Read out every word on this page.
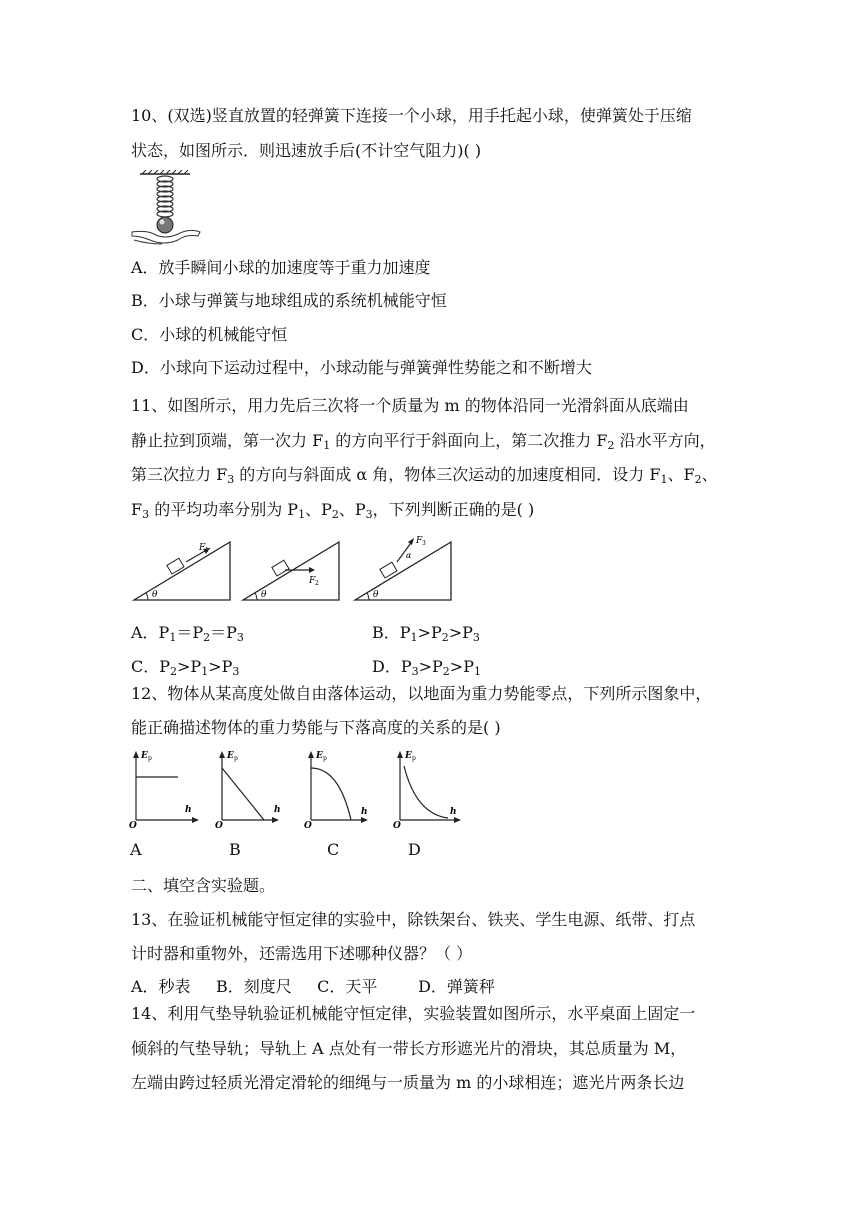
10、(双选)竖直放置的轻弹簧下连接一个小球，用手托起小球，使弹簧处于压缩
状态，如图所示．则迅速放手后(不计空气阻力)( )
A．放手瞬间小球的加速度等于重力加速度
B．小球与弹簧与地球组成的系统机械能守恒
C．小球的机械能守恒
D．小球向下运动过程中，小球动能与弹簧弹性势能之和不断增大
11、如图所示，用力先后三次将一个质量为 m 的物体沿同一光滑斜面从底端由
静止拉到顶端，第一次力 $F_1$ 的方向平行于斜面向上，第二次推力 $F_2$ 沿水平方向，
第三次拉力 $F_3$ 的方向与斜面成 α 角，物体三次运动的加速度相同．设力 $F_1$、$F_2$、
$F_3$ 的平均功率分别为 $P_1$、$P_2$、$P_3$，下列判断正确的是( )
F 1
θ
F 2
θ
F 3
α
θ
A．$P_1=P_2=P_3$	B．$P_1>P_2>P_3$
C．$P_2>P_1>P_3$	D．$P_3>P_2>P_1$
12、物体从某高度处做自由落体运动，以地面为重力势能零点，下列所示图象中，
能正确描述物体的重力势能与下落高度的关系的是( )
E p
h
O
E p
h
O
E p
h
O
E p
h
O
A	B	C	D
二、填空含实验题。
13、在验证机械能守恒定律的实验中，除铁架台、铁夹、学生电源、纸带、打点
计时器和重物外，还需选用下述哪种仪器？（ ）
A．秒表     B．刻度尺     C．天平        D．弹簧秤
14、利用气垫导轨验证机械能守恒定律，实验装置如图所示，水平桌面上固定一
倾斜的气垫导轨；导轨上 A 点处有一带长方形遮光片的滑块，其总质量为 M，
左端由跨过轻质光滑定滑轮的细绳与一质量为 m 的小球相连；遮光片两条长边
